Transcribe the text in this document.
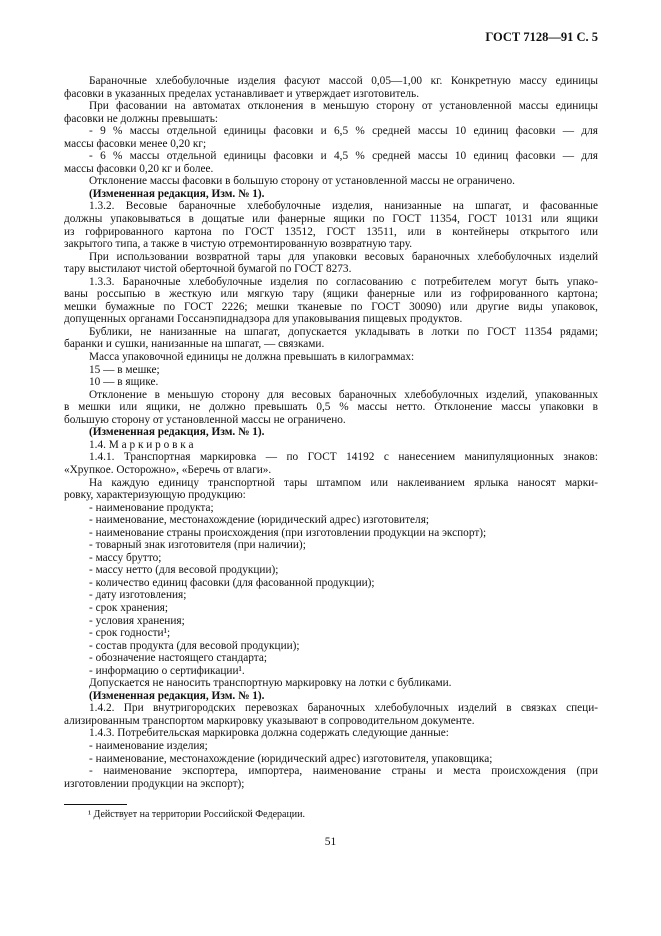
ГОСТ 7128—91 С. 5
Бараночные хлебобулочные изделия фасуют массой 0,05—1,00 кг. Конкретную массу единицы
фасовки в указанных пределах устанавливает и утверждает изготовитель.
При фасовании на автоматах отклонения в меньшую сторону от установленной массы единицы
фасовки не должны превышать:
- 9 % массы отдельной единицы фасовки и 6,5 % средней массы 10 единиц фасовки — для
массы фасовки менее 0,20 кг;
- 6 % массы отдельной единицы фасовки и 4,5 % средней массы 10 единиц фасовки — для
массы фасовки 0,20 кг и более.
Отклонение массы фасовки в большую сторону от установленной массы не ограничено.
(Измененная редакция, Изм. № 1).
1.3.2. Весовые бараночные хлебобулочные изделия, нанизанные на шпагат, и фасованные
должны упаковываться в дощатые или фанерные ящики по ГОСТ 11354, ГОСТ 10131 или ящики
из гофрированного картона по ГОСТ 13512, ГОСТ 13511, или в контейнеры открытого или
закрытого типа, а также в чистую отремонтированную возвратную тару.
При использовании возвратной тары для упаковки весовых бараночных хлебобулочных изделий
тару выстилают чистой оберточной бумагой по ГОСТ 8273.
1.3.3. Бараночные хлебобулочные изделия по согласованию с потребителем могут быть упако-
ваны россыпью в жесткую или мягкую тару (ящики фанерные или из гофрированного картона;
мешки бумажные по ГОСТ 2226; мешки тканевые по ГОСТ 30090) или другие виды упаковок,
допущенных органами Госсанэпиднадзора для упаковывания пищевых продуктов.
Бублики, не нанизанные на шпагат, допускается укладывать в лотки по ГОСТ 11354 рядами;
баранки и сушки, нанизанные на шпагат, — связками.
Масса упаковочной единицы не должна превышать в килограммах:
15 — в мешке;
10 — в ящике.
Отклонение в меньшую сторону для весовых бараночных хлебобулочных изделий, упакованных
в мешки или ящики, не должно превышать 0,5 % массы нетто. Отклонение массы упаковки в
большую сторону от установленной массы не ограничено.
(Измененная редакция, Изм. № 1).
1.4. М а р к и р о в к а
1.4.1. Транспортная маркировка — по ГОСТ 14192 с нанесением манипуляционных знаков:
«Хрупкое. Осторожно», «Беречь от влаги».
На каждую единицу транспортной тары штампом или наклеиванием ярлыка наносят марки-
ровку, характеризующую продукцию:
- наименование продукта;
- наименование, местонахождение (юридический адрес) изготовителя;
- наименование страны происхождения (при изготовлении продукции на экспорт);
- товарный знак изготовителя (при наличии);
- массу брутто;
- массу нетто (для весовой продукции);
- количество единиц фасовки (для фасованной продукции);
- дату изготовления;
- срок хранения;
- условия хранения;
- срок годности¹;
- состав продукта (для весовой продукции);
- обозначение настоящего стандарта;
- информацию о сертификации¹.
Допускается не наносить транспортную маркировку на лотки с бубликами.
(Измененная редакция, Изм. № 1).
1.4.2. При внутригородских перевозках бараночных хлебобулочных изделий в связках специ-
ализированным транспортом маркировку указывают в сопроводительном документе.
1.4.3. Потребительская маркировка должна содержать следующие данные:
- наименование изделия;
- наименование, местонахождение (юридический адрес) изготовителя, упаковщика;
- наименование экспортера, импортера, наименование страны и места происхождения (при
изготовлении продукции на экспорт);
¹ Действует на территории Российской Федерации.
51
